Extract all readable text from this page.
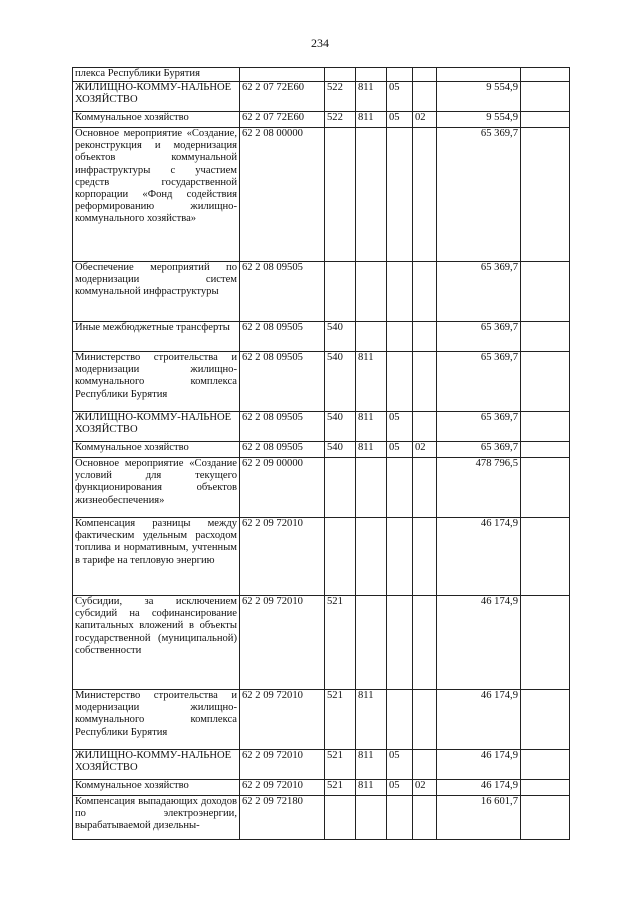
234
плекса Республики Бурятия							
ЖИЛИЩНО-КОММУ-НАЛЬНОЕ ХОЗЯЙСТВО	62 2 07 72Е60	522	811	05		9 554,9	
Коммунальное хозяйство	62 2 07 72Е60	522	811	05	02	9 554,9	
Основное мероприятие «Создание, реконструкция и модернизация объектов коммунальной инфраструктуры с участием средств государственной корпорации «Фонд содействия реформированию жилищно-коммунального хозяйства»	62 2 08 00000					65 369,7	
Обеспечение мероприятий по модернизации систем коммунальной инфраструктуры	62 2 08 09505					65 369,7	
Иные межбюджетные трансферты	62 2 08 09505	540				65 369,7	
Министерство строительства и модернизации жилищно-коммунального комплекса Республики Бурятия	62 2 08 09505	540	811			65 369,7	
ЖИЛИЩНО-КОММУ-НАЛЬНОЕ ХОЗЯЙСТВО	62 2 08 09505	540	811	05		65 369,7	
Коммунальное хозяйство	62 2 08 09505	540	811	05	02	65 369,7	
Основное мероприятие «Создание условий для текущего функционирования объектов жизнеобеспечения»	62 2 09 00000					478 796,5	
Компенсация разницы между фактическим удельным расходом топлива и нормативным, учтенным в тарифе на тепловую энергию	62 2 09 72010					46 174,9	
Субсидии, за исключением субсидий на софинансирование капитальных вложений в объекты государственной (муниципальной) собственности	62 2 09 72010	521				46 174,9	
Министерство строительства и модернизации жилищно-коммунального комплекса Республики Бурятия	62 2 09 72010	521	811			46 174,9	
ЖИЛИЩНО-КОММУ-НАЛЬНОЕ ХОЗЯЙСТВО	62 2 09 72010	521	811	05		46 174,9	
Коммунальное хозяйство	62 2 09 72010	521	811	05	02	46 174,9	
Компенсация выпадающих доходов по электроэнергии, вырабатываемой дизельны-	62 2 09 72180					16 601,7	
